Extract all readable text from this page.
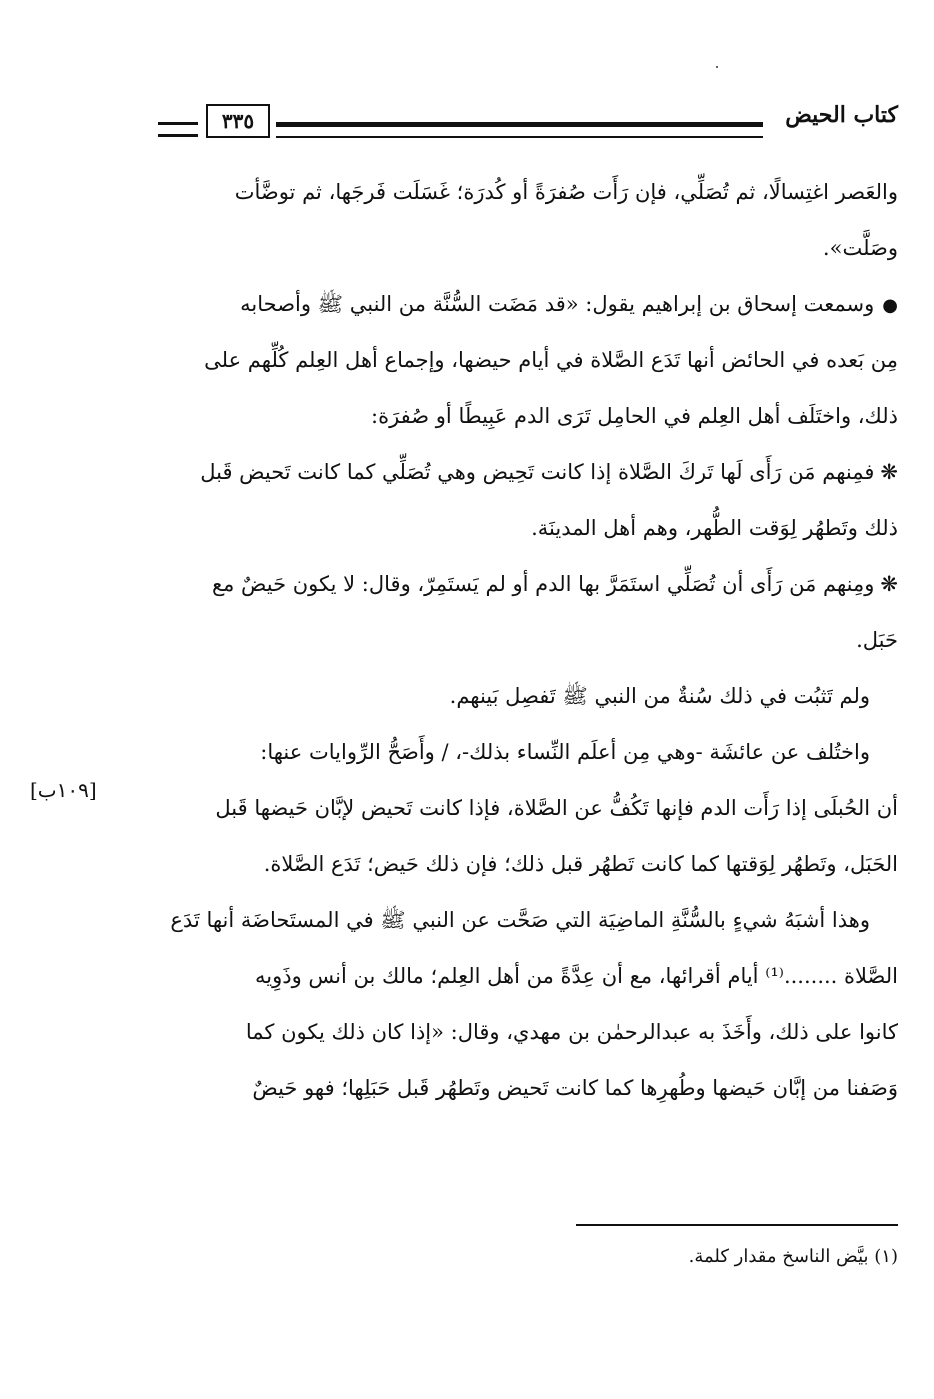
كتاب الحيض
٣٣٥
والعَصر اغتِسالًا، ثم تُصَلِّي، فإن رَأَت صُفرَةً أو كُدرَة؛ غَسَلَت فَرجَها، ثم توضَّأت
وصَلَّت».
●وسمعت إسحاق بن إبراهيم يقول: «قد مَضَت السُّنَّة من النبي ﷺ وأصحابه
مِن بَعده في الحائض أنها تَدَع الصَّلاة في أيام حيضها، وإجماع أهل العِلم كُلِّهم على
ذلك، واختَلَف أهل العِلم في الحامِل تَرَى الدم عَبِيطًا أو صُفرَة:
❋فمِنهم مَن رَأَى لَها تَركَ الصَّلاة إذا كانت تَحِيض وهي تُصَلِّي كما كانت تَحيض قَبل
ذلك وتَطهُر لِوَقت الطُّهر، وهم أهل المدينَة.
❋ومِنهم مَن رَأَى أن تُصَلِّي استَمَرَّ بها الدم أو لم يَستَمِرّ، وقال: لا يكون حَيضٌ مع
حَبَل.
ولم تَثبُت في ذلك سُنةٌ من النبي ﷺ تَفصِل بَينهم.
واختُلف عن عائشَة -وهي مِن أعلَم النِّساء بذلك-، / وأَصَحُّ الرِّوايات عنها:
أن الحُبلَى إذا رَأَت الدم فإنها تَكُفُّ عن الصَّلاة، فإذا كانت تَحيض لإبَّان حَيضها قَبل
الحَبَل، وتَطهُر لِوَقتها كما كانت تَطهُر قبل ذلك؛ فإن ذلك حَيض؛ تَدَع الصَّلاة.
وهذا أشبَهُ شيءٍ بالسُّنَّةِ الماضِيَة التي صَحَّت عن النبي ﷺ في المستَحاضَة أنها تَدَع
الصَّلاة ........⁽¹⁾ أيام أقرائها، مع أن عِدَّةً من أهل العِلم؛ مالك بن أنس وذَوِيه
كانوا على ذلك، وأَخَذَ به عبدالرحمٰن بن مهدي، وقال: «إذا كان ذلك يكون كما
وَصَفنا من إبَّان حَيضها وطُهرِها كما كانت تَحيض وتَطهُر قَبل حَبَلِها؛ فهو حَيضٌ
[١٠٩ب]
(١) بيَّض الناسخ مقدار كلمة.
